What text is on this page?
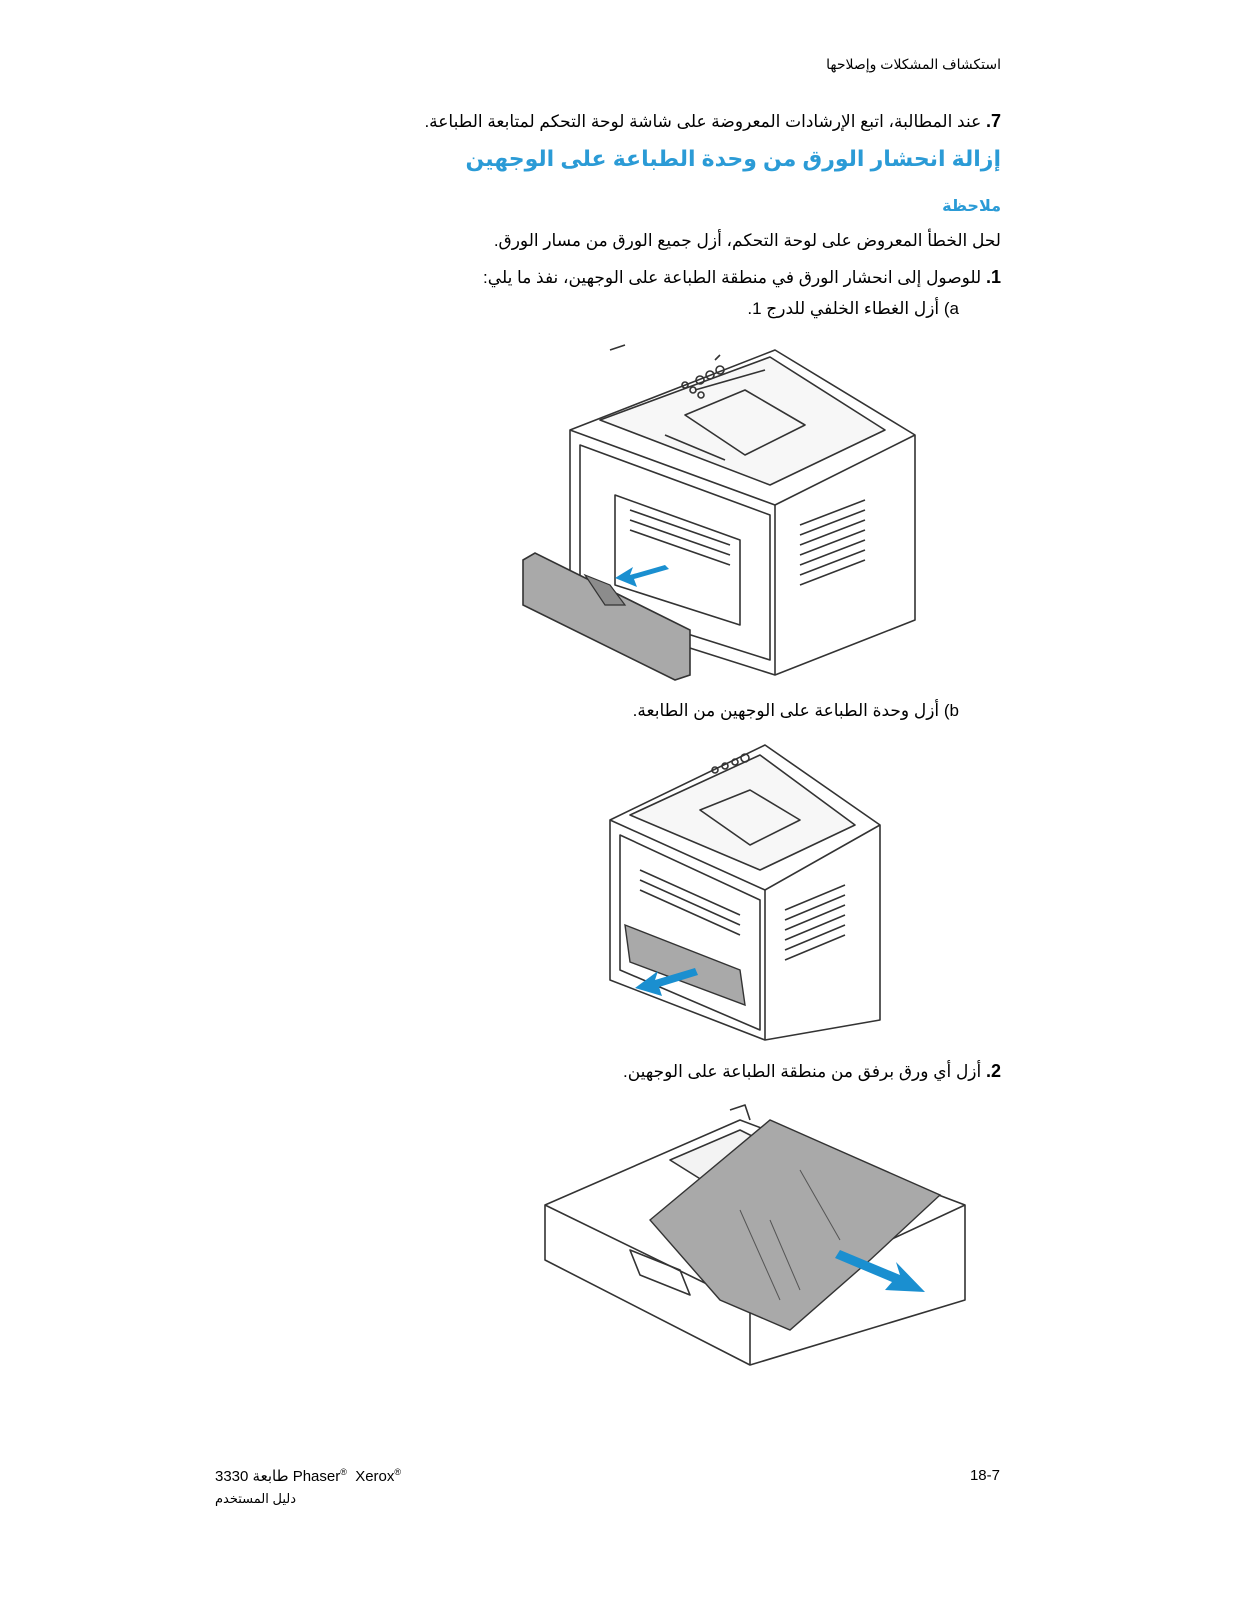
استكشاف المشكلات وإصلاحها
7. عند المطالبة، اتبع الإرشادات المعروضة على شاشة لوحة التحكم لمتابعة الطباعة.
إزالة انحشار الورق من وحدة الطباعة على الوجهين
ملاحظة
لحل الخطأ المعروض على لوحة التحكم، أزل جميع الورق من مسار الورق.
1. للوصول إلى انحشار الورق في منطقة الطباعة على الوجهين، نفذ ما يلي:
a) أزل الغطاء الخلفي للدرج 1.
b) أزل وحدة الطباعة على الوجهين من الطابعة.
2. أزل أي ورق برفق من منطقة الطباعة على الوجهين.
طابعة 3330 Phaser® Xerox®
دليل المستخدم
18-7
